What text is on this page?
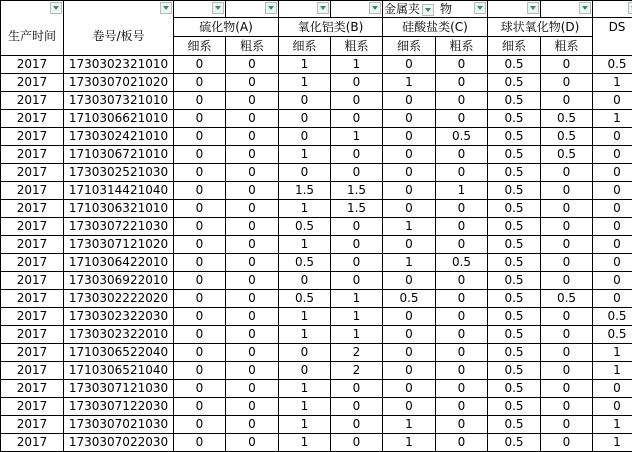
生产时间	卷号/板号					金属夹 物	

		硫化物(A)		氧化铝类(B)		硅酸盐类(C)		球状氧化物(D)		DS
		细系	粗系	细系	粗系	细系	粗系	细系	粗系	
2017	1730302321010	0	0	1	1	0	0	0.5	0	0.5
2017	1730307021020	0	0	1	0	1	0	0.5	0	1
2017	1730307321010	0	0	0	0	0	0	0.5	0	0
2017	1710306621010	0	0	0	0	0	0	0.5	0.5	1
2017	1730302421010	0	0	0	1	0	0.5	0.5	0.5	0
2017	1710306721010	0	0	1	0	0	0	0.5	0.5	0
2017	1730302521030	0	0	0	0	0	0	0.5	0	0
2017	1710314421040	0	0	1.5	1.5	0	1	0.5	0	0
2017	1710306321010	0	0	1	1.5	0	0	0.5	0	0
2017	1730307221030	0	0	0.5	0	1	0	0.5	0	0
2017	1730307121020	0	0	1	0	0	0	0.5	0	0
2017	1710306422010	0	0	0.5	0	1	0.5	0.5	0	0
2017	1730306922010	0	0	0	0	0	0	0.5	0	0
2017	1730302222020	0	0	0.5	1	0.5	0	0.5	0.5	0
2017	1730302322030	0	0	1	1	0	0	0.5	0	0.5
2017	1730302322010	0	0	1	1	0	0	0.5	0	0.5
2017	1710306522040	0	0	0	2	0	0	0.5	0	1
2017	1710306521040	0	0	0	2	0	0	0.5	0	1
2017	1730307121030	0	0	1	0	0	0	0.5	0	0
2017	1730307122030	0	0	1	0	0	0	0.5	0	0
2017	1730307021030	0	0	1	0	1	0	0.5	0	1
2017	1730307022030	0	0	1	0	1	0	0.5	0	1
